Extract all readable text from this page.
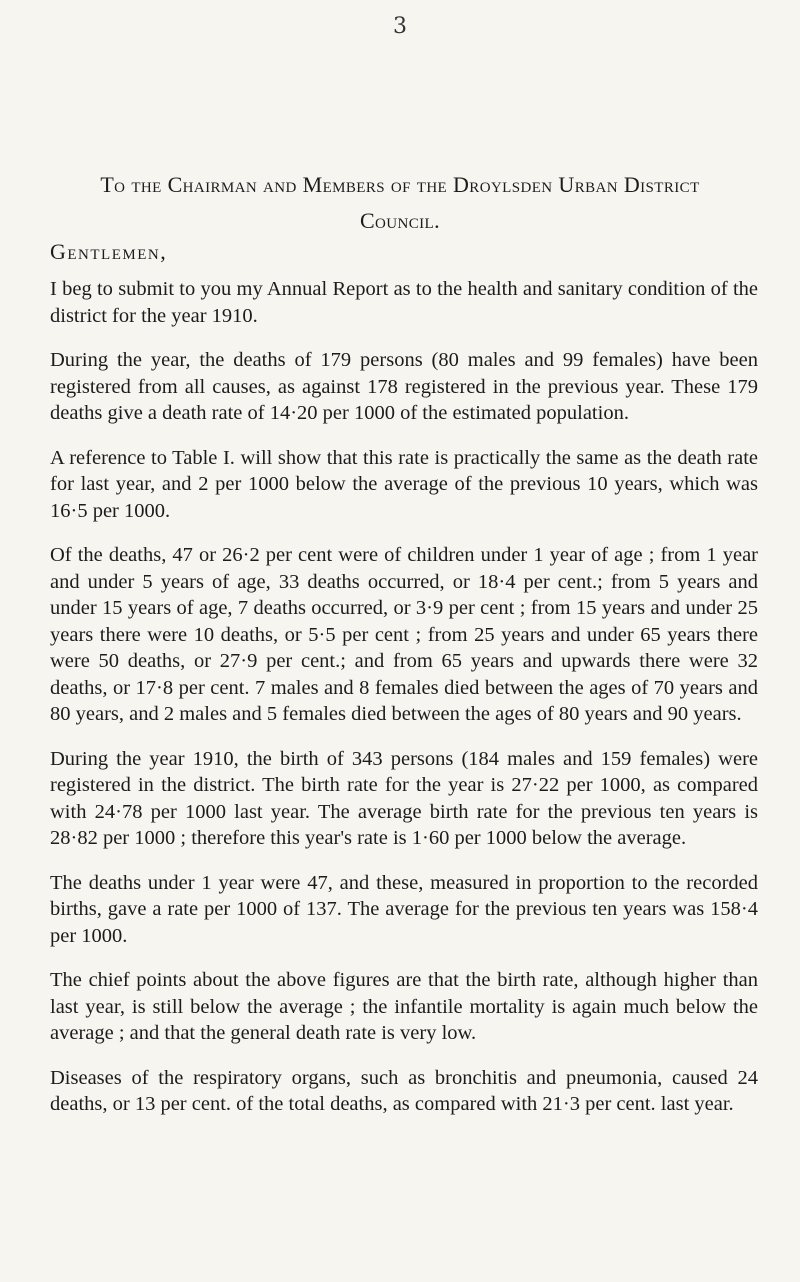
3
To the Chairman and Members of the Droylsden Urban District Council.
Gentlemen,

I beg to submit to you my Annual Report as to the health and sanitary condition of the district for the year 1910.

During the year, the deaths of 179 persons (80 males and 99 females) have been registered from all causes, as against 178 registered in the previous year. These 179 deaths give a death rate of 14·20 per 1000 of the estimated population.

A reference to Table I. will show that this rate is practically the same as the death rate for last year, and 2 per 1000 below the average of the previous 10 years, which was 16·5 per 1000.

Of the deaths, 47 or 26·2 per cent were of children under 1 year of age ; from 1 year and under 5 years of age, 33 deaths occurred, or 18·4 per cent.; from 5 years and under 15 years of age, 7 deaths occurred, or 3·9 per cent ; from 15 years and under 25 years there were 10 deaths, or 5·5 per cent ; from 25 years and under 65 years there were 50 deaths, or 27·9 per cent.; and from 65 years and upwards there were 32 deaths, or 17·8 per cent. 7 males and 8 females died between the ages of 70 years and 80 years, and 2 males and 5 females died between the ages of 80 years and 90 years.

During the year 1910, the birth of 343 persons (184 males and 159 females) were registered in the district. The birth rate for the year is 27·22 per 1000, as compared with 24·78 per 1000 last year. The average birth rate for the previous ten years is 28·82 per 1000 ; therefore this year's rate is 1·60 per 1000 below the average.

The deaths under 1 year were 47, and these, measured in proportion to the recorded births, gave a rate per 1000 of 137. The average for the previous ten years was 158·4 per 1000.

The chief points about the above figures are that the birth rate, although higher than last year, is still below the average ; the infantile mortality is again much below the average ; and that the general death rate is very low.

Diseases of the respiratory organs, such as bronchitis and pneumonia, caused 24 deaths, or 13 per cent. of the total deaths, as compared with 21·3 per cent. last year.
